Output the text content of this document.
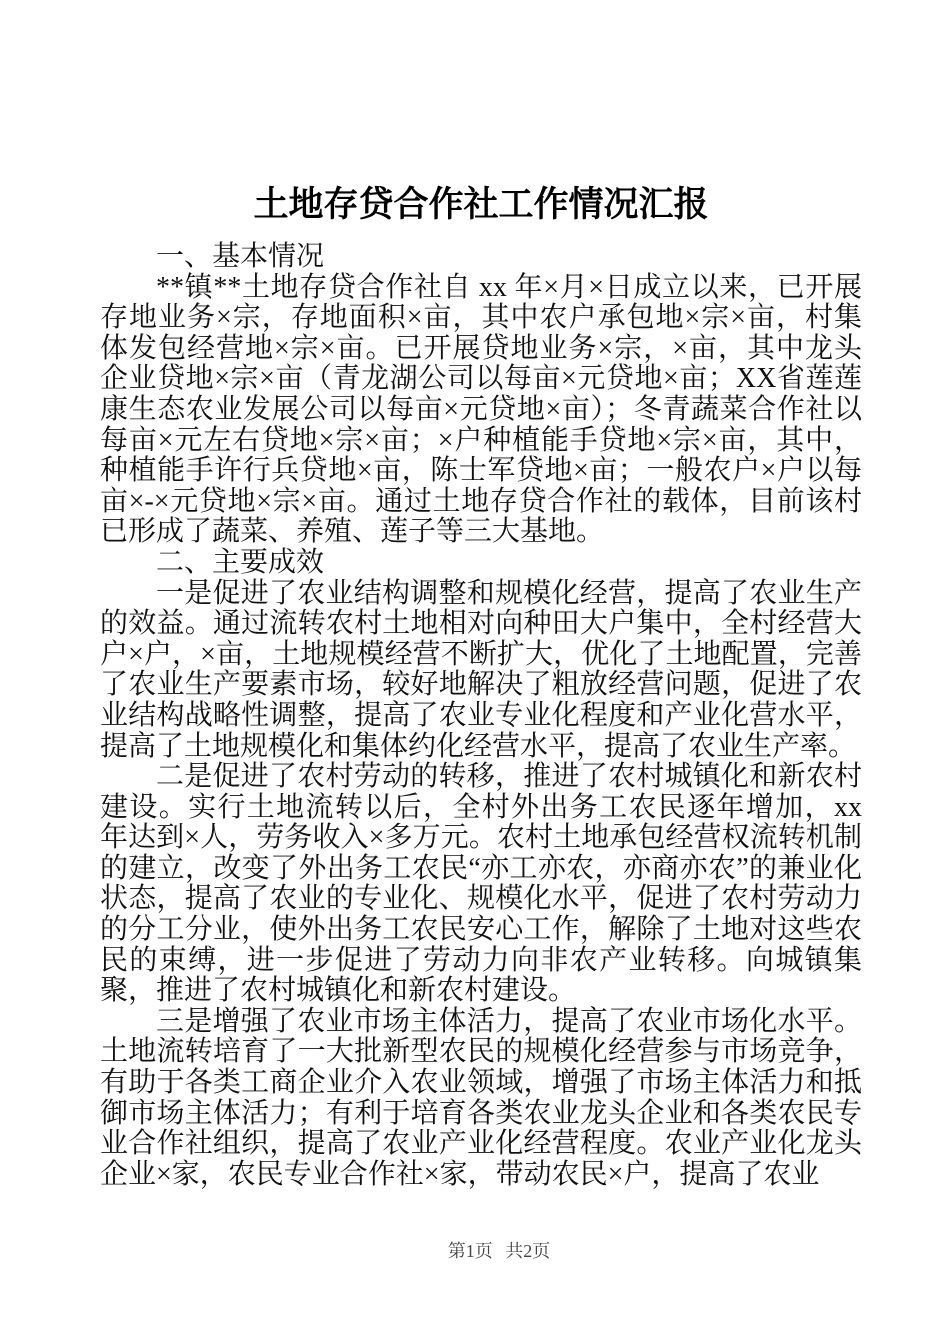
土地存贷合作社工作情况汇报

一、基本情况

**镇**土地存贷合作社自 xx 年×月×日成立以来，已开展存地业务×宗，存地面积×亩，其中农户承包地×宗×亩，村集体发包经营地×宗×亩。已开展贷地业务×宗，×亩，其中龙头企业贷地×宗×亩（青龙湖公司以每亩×元贷地×亩；XX省莲莲康生态农业发展公司以每亩×元贷地×亩）；冬青蔬菜合作社以每亩×元左右贷地×宗×亩；×户种植能手贷地×宗×亩，其中，种植能手许行兵贷地×亩，陈士军贷地×亩；一般农户×户以每亩×-×元贷地×宗×亩。通过土地存贷合作社的载体，目前该村已形成了蔬菜、养殖、莲子等三大基地。

二、主要成效

一是促进了农业结构调整和规模化经营，提高了农业生产的效益。通过流转农村土地相对向种田大户集中，全村经营大户×户，×亩，土地规模经营不断扩大，优化了土地配置，完善了农业生产要素市场，较好地解决了粗放经营问题，促进了农业结构战略性调整，提高了农业专业化程度和产业化营水平，提高了土地规模化和集体约化经营水平，提高了农业生产率。

二是促进了农村劳动的转移，推进了农村城镇化和新农村建设。实行土地流转以后，全村外出务工农民逐年增加，xx 年达到×人，劳务收入×多万元。农村土地承包经营权流转机制的建立，改变了外出务工农民“亦工亦农，亦商亦农”的兼业化状态，提高了农业的专业化、规模化水平，促进了农村劳动力的分工分业，使外出务工农民安心工作，解除了土地对这些农民的束缚，进一步促进了劳动力向非农产业转移。向城镇集聚，推进了农村城镇化和新农村建设。

三是增强了农业市场主体活力，提高了农业市场化水平。土地流转培育了一大批新型农民的规模化经营参与市场竞争，有助于各类工商企业介入农业领域，增强了市场主体活力和抵御市场主体活力；有利于培育各类农业龙头企业和各类农民专业合作社组织，提高了农业产业化经营程度。农业产业化龙头企业×家，农民专业合作社×家，带动农民×户，提高了农业

第1页 共2页
